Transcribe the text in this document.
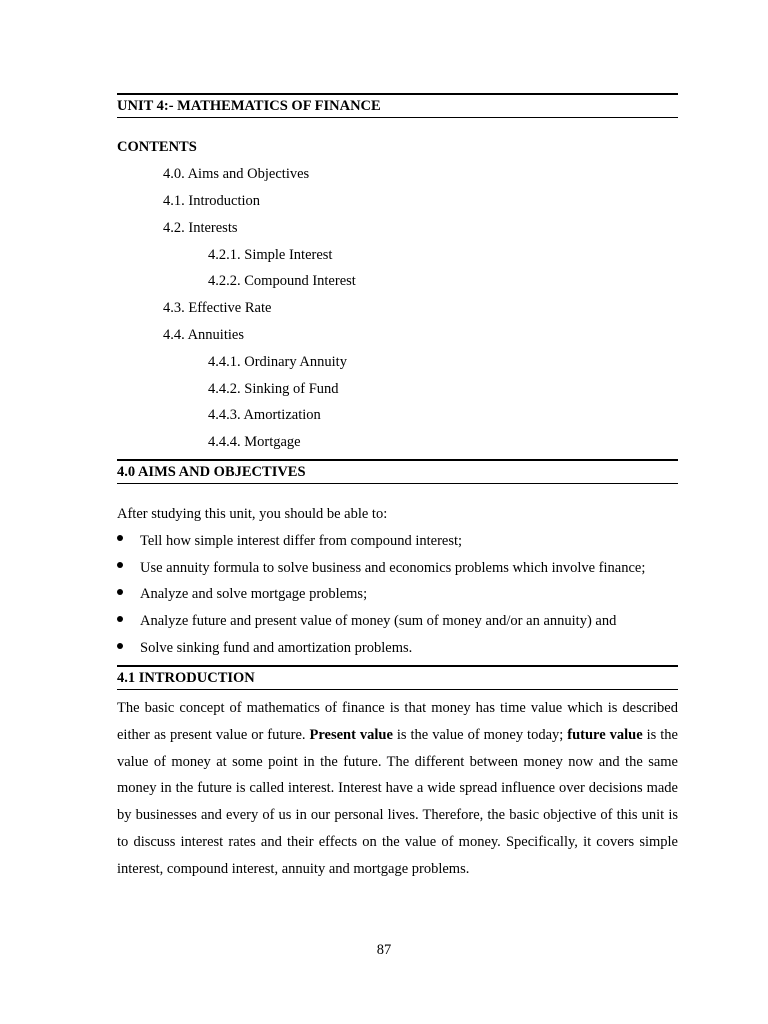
UNIT 4:- MATHEMATICS OF FINANCE
CONTENTS
4.0. Aims and Objectives
4.1. Introduction
4.2. Interests
4.2.1. Simple Interest
4.2.2. Compound Interest
4.3. Effective Rate
4.4. Annuities
4.4.1. Ordinary Annuity
4.4.2. Sinking of Fund
4.4.3. Amortization
4.4.4. Mortgage
4.0 AIMS AND OBJECTIVES
After studying this unit, you should be able to:
Tell how simple interest differ from compound interest;
Use annuity formula to solve business and economics problems which involve finance;
Analyze and solve mortgage problems;
Analyze future and present value of money (sum of money and/or an annuity) and
Solve sinking fund and amortization problems.
4.1 INTRODUCTION
The basic concept of mathematics of finance is that money has time value which is described either as present value or future. Present value is the value of money today; future value is the value of money at some point in the future. The different between money now and the same money in the future is called interest. Interest have a wide spread influence over decisions made by businesses and every of us in our personal lives. Therefore, the basic objective of this unit is to discuss interest rates and their effects on the value of money. Specifically, it covers simple interest, compound interest, annuity and mortgage problems.
87
